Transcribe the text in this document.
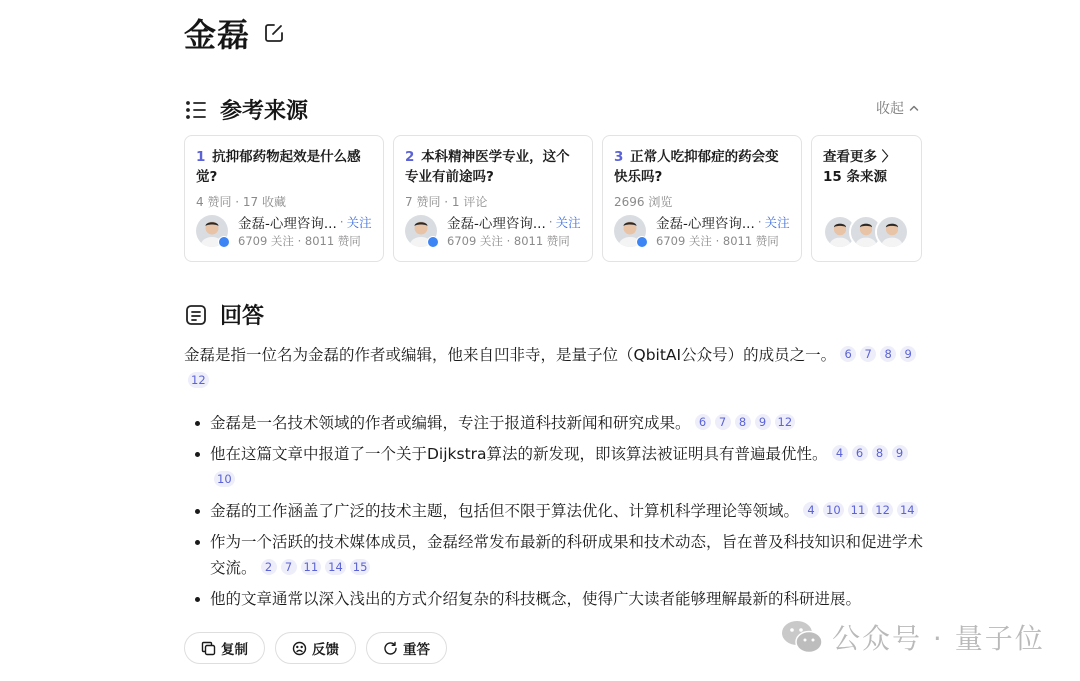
金磊
参考来源	收起
1 抗抑郁药物起效是什么感觉?
4 赞同 · 17 收藏
金磊-心理咨询... · 关注
6709 关注 · 8011 赞同
2 本科精神医学专业，这个专业有前途吗?
7 赞同 · 1 评论
金磊-心理咨询... · 关注
6709 关注 · 8011 赞同
3 正常人吃抑郁症的药会变快乐吗?
2696 浏览
金磊-心理咨询... · 关注
6709 关注 · 8011 赞同
查看更多 〉
15 条来源
回答

金磊是指一位名为金磊的作者或编辑，他来自凹非寺，是量子位（QbitAI公众号）的成员之一。 6 7 8 912

金磊是一名技术领域的作者或编辑，专注于报道科技新闻和研究成果。 6 7 8 9 12
他在这篇文章中报道了一个关于Dijkstra算法的新发现，即该算法被证明具有普遍最优性。 4 6 8 910
金磊的工作涵盖了广泛的技术主题，包括但不限于算法优化、计算机科学理论等领域。 4 10 11 12 14
作为一个活跃的技术媒体成员，金磊经常发布最新的科研成果和技术动态，旨在普及科技知识和促进学术交流。 2 7 11 14 15
他的文章通常以深入浅出的方式介绍复杂的科技概念，使得广大读者能够理解最新的科研进展。
复制	反馈	重答	公众号 · 量子位
